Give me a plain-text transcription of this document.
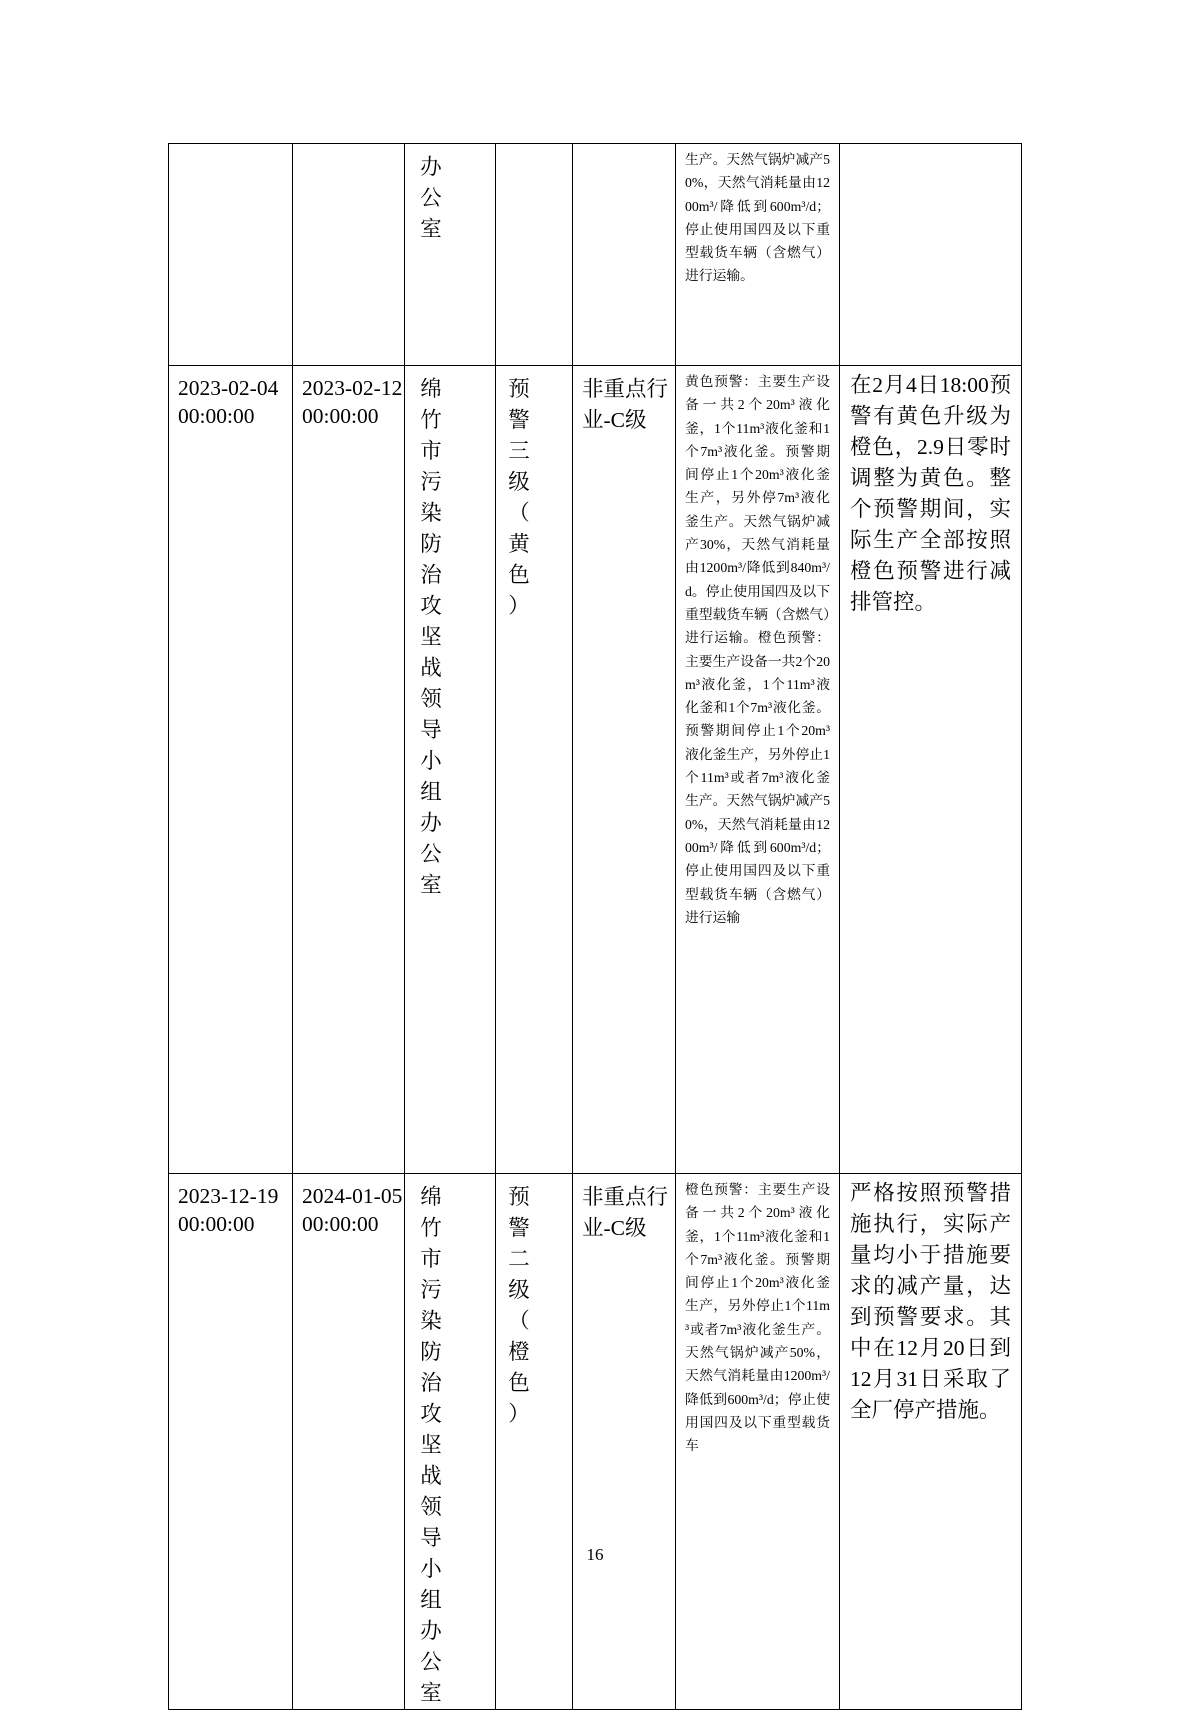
		办公室			生产。天然气锅炉减产50%，天然气消耗量由1200m³/降低到600m³/d；停止使用国四及以下重型载货车辆（含燃气）进行运输。	
2023-02-04 00:00:00	2023-02-12 00:00:00	绵竹市污染防治攻坚战领导小组办公室	预警三级（黄色）	非重点行业-C级	黄色预警：主要生产设备一共2个20m³液化釜，1个11m³液化釜和1个7m³液化釜。预警期间停止1个20m³液化釜生产，另外停7m³液化釜生产。天然气锅炉减产30%，天然气消耗量由1200m³/降低到840m³/d。停止使用国四及以下重型载货车辆（含燃气）进行运输。橙色预警：主要生产设备一共2个20m³液化釜，1个11m³液化釜和1个7m³液化釜。预警期间停止1个20m³液化釜生产，另外停止1个11m³或者7m³液化釜生产。天然气锅炉减产50%，天然气消耗量由1200m³/降低到600m³/d；停止使用国四及以下重型载货车辆（含燃气）进行运输	在2月4日18:00预警有黄色升级为橙色，2.9日零时调整为黄色。整个预警期间，实际生产全部按照橙色预警进行减排管控。
2023-12-19 00:00:00	2024-01-05 00:00:00	绵竹市污染防治攻坚战领导小组办公室	预警二级（橙色）	非重点行业-C级	橙色预警：主要生产设备一共2个20m³液化釜，1个11m³液化釜和1个7m³液化釜。预警期间停止1个20m³液化釜生产，另外停止1个11m³或者7m³液化釜生产。天然气锅炉减产50%，天然气消耗量由1200m³/降低到600m³/d；停止使用国四及以下重型载货车	严格按照预警措施执行，实际产量均小于措施要求的减产量，达到预警要求。其中在12月20日到12月31日采取了全厂停产措施。
16
